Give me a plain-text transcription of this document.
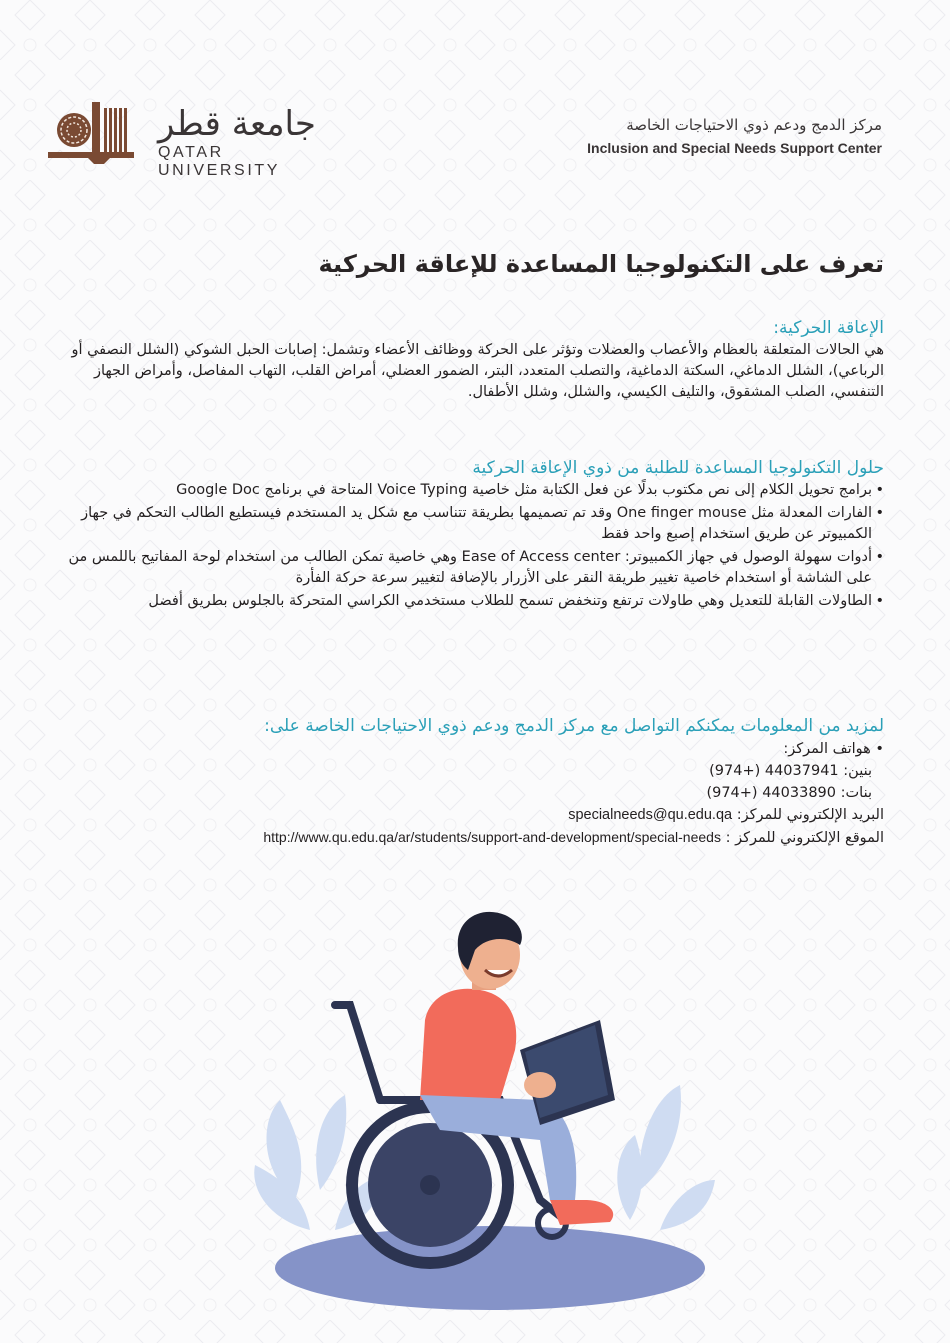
جامعة قطر
QATAR UNIVERSITY
مركز الدمج ودعم ذوي الاحتياجات الخاصة
Inclusion and Special Needs Support Center
تعرف على التكنولوجيا المساعدة للإعاقة الحركية
الإعاقة الحركية:

هي الحالات المتعلقة بالعظام والأعصاب والعضلات وتؤثر على الحركة ووظائف الأعضاء وتشمل: إصابات الحبل الشوكي (الشلل النصفي أو الرباعي)، الشلل الدماغي، السكتة الدماغية، والتصلب المتعدد، البتر، الضمور العضلي، أمراض القلب، التهاب المفاصل، وأمراض الجهاز التنفسي، الصلب المشقوق، والتليف الكيسي، والشلل، وشلل الأطفال.

حلول التكنولوجيا المساعدة للطلبة من ذوي الإعاقة الحركية
• برامج تحويل الكلام إلى نص مكتوب بدلًا عن فعل الكتابة مثل خاصية Voice Typing المتاحة في برنامج Google Doc
• الفارات المعدلة مثل One finger mouse وقد تم تصميمها بطريقة تتناسب مع شكل يد المستخدم فيستطيع الطالب التحكم في جهاز الكمبيوتر عن طريق استخدام إصبع واحد فقط
• أدوات سهولة الوصول في جهاز الكمبيوتر: Ease of Access center وهي خاصية تمكن الطالب من استخدام لوحة المفاتيح باللمس من على الشاشة أو استخدام خاصية تغيير طريقة النقر على الأزرار بالإضافة لتغيير سرعة حركة الفأرة
• الطاولات القابلة للتعديل وهي طاولات ترتفع وتنخفض تسمح للطلاب مستخدمي الكراسي المتحركة بالجلوس بطريق أفضل
لمزيد من المعلومات يمكنكم التواصل مع مركز الدمج ودعم ذوي الاحتياجات الخاصة على:
• هواتف المركز:
بنين: (974+) 44037941
بنات: (974+) 44033890
البريد الإلكتروني للمركز: specialneeds@qu.edu.qa
الموقع الإلكتروني للمركز : http://www.qu.edu.qa/ar/students/support-and-development/special-needs
